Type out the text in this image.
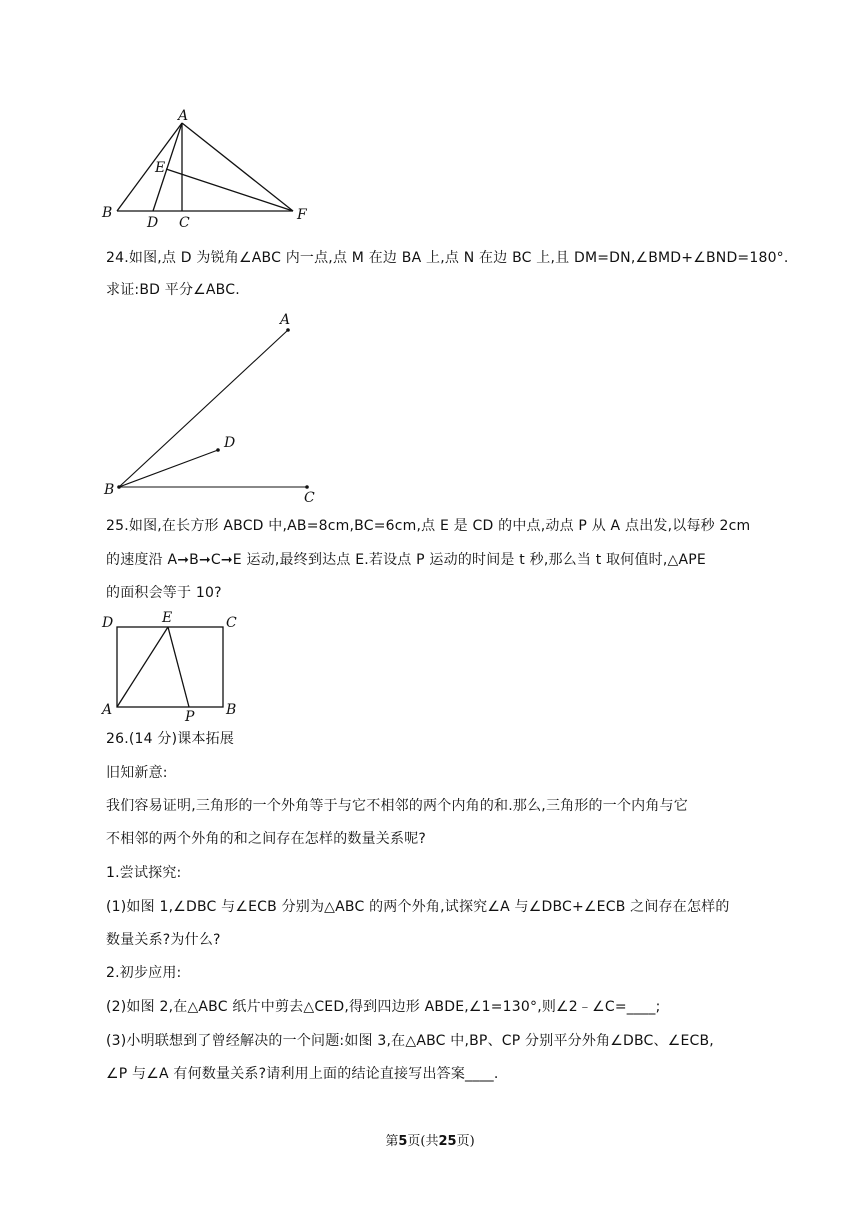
A
E
B
D C	F
24.如图,点 D 为锐角∠ABC 内一点,点 M 在边 BA 上,点 N 在边 BC 上,且 DM=DN,∠BMD+∠BND=180°.
求证:BD 平分∠ABC.
A
D
B	C
25.如图,在长方形 ABCD 中,AB=8cm,BC=6cm,点 E 是 CD 的中点,动点 P 从 A 点出发,以每秒 2cm
的速度沿 A➞B➞C➞E 运动,最终到达点 E.若设点 P 运动的时间是 t 秒,那么当 t 取何值时,△APE
的面积会等于 10?
D	E	C
A	P B
26.(14 分)课本拓展
旧知新意:
我们容易证明,三角形的一个外角等于与它不相邻的两个内角的和.那么,三角形的一个内角与它
不相邻的两个外角的和之间存在怎样的数量关系呢?
1.尝试探究:
(1)如图 1,∠DBC 与∠ECB 分别为△ABC 的两个外角,试探究∠A 与∠DBC+∠ECB 之间存在怎样的
数量关系?为什么?
2.初步应用:
(2)如图 2,在△ABC 纸片中剪去△CED,得到四边形 ABDE,∠1=130°,则∠2﹣∠C=____;
(3)小明联想到了曾经解决的一个问题:如图 3,在△ABC 中,BP、CP 分别平分外角∠DBC、∠ECB,
∠P 与∠A 有何数量关系?请利用上面的结论直接写出答案____.
第5页(共25页)
